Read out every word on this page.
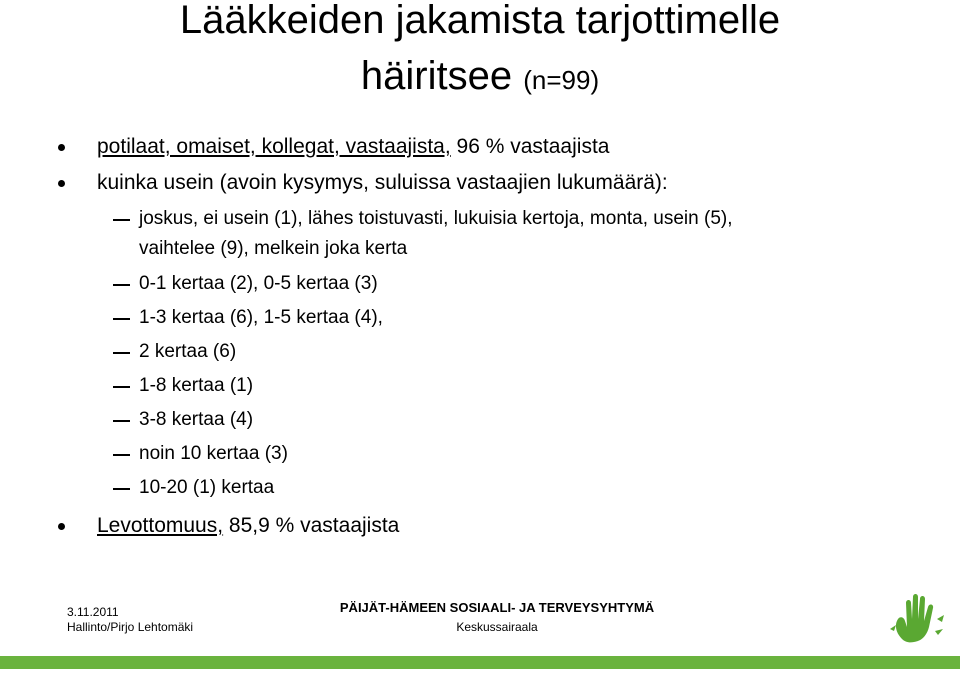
Lääkkeiden jakamista tarjottimelle
häiritsee (n=99)
potilaat, omaiset, kollegat, vastaajista, 96 % vastaajista
kuinka usein (avoin kysymys, suluissa vastaajien lukumäärä):
joskus, ei usein (1), lähes toistuvasti, lukuisia kertoja, monta, usein (5),
vaihtelee (9), melkein joka kerta
0-1 kertaa (2), 0-5 kertaa (3)
1-3 kertaa (6), 1-5 kertaa (4),
2 kertaa (6)
1-8 kertaa (1)
3-8 kertaa (4)
noin 10 kertaa (3)
10-20 (1) kertaa
Levottomuus, 85,9 % vastaajista
3.11.2011
Hallinto/Pirjo Lehtomäki
PÄIJÄT-HÄMEEN SOSIAALI- JA TERVEYSYHTYMÄ
Keskussairaala
